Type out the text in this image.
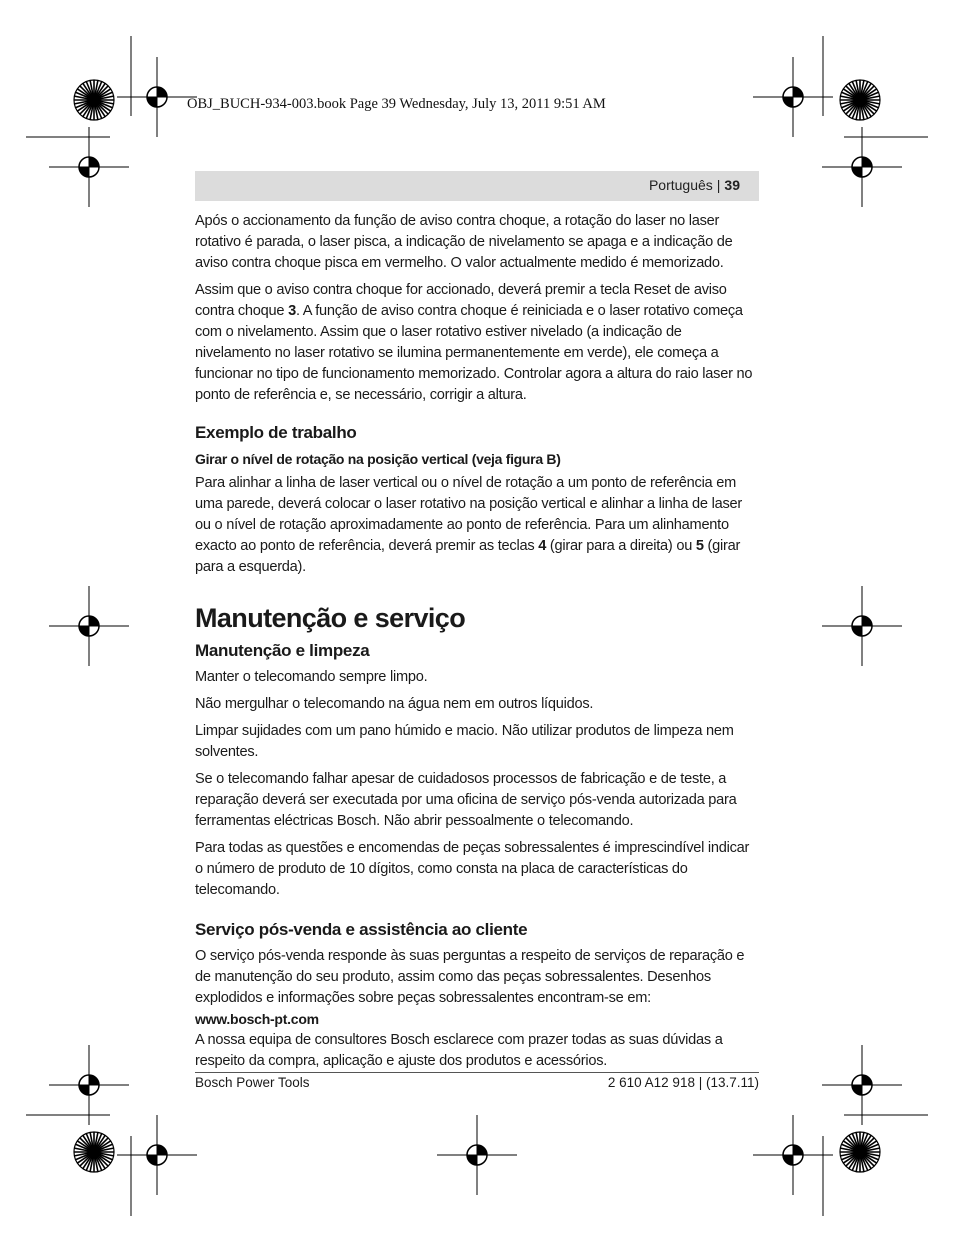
OBJ_BUCH-934-003.book Page 39 Wednesday, July 13, 2011 9:51 AM
Português | 39

Após o accionamento da função de aviso contra choque, a rotação do laser no laser rotativo é parada, o laser pisca, a indicação de nivelamento se apaga e a indicação de aviso contra choque pisca em vermelho. O valor actualmente medido é memorizado.

Assim que o aviso contra choque for accionado, deverá premir a tecla Reset de aviso contra choque 3. A função de aviso contra choque é reiniciada e o laser rotativo começa com o nivelamento. Assim que o laser rotativo estiver nivelado (a indicação de nivelamento no laser rotativo se ilumina permanentemente em verde), ele começa a funcionar no tipo de funcionamento memorizado. Controlar agora a altura do raio laser no ponto de referência e, se necessário, corrigir a altura.

Exemplo de trabalho
Girar o nível de rotação na posição vertical (veja figura B)

Para alinhar a linha de laser vertical ou o nível de rotação a um ponto de referência em uma parede, deverá colocar o laser rotativo na posição vertical e alinhar a linha de laser ou o nível de rotação aproximadamente ao ponto de referência. Para um alinhamento exacto ao ponto de referência, deverá premir as teclas 4 (girar para a direita) ou 5 (girar para a esquerda).

Manutenção e serviço
Manutenção e limpeza

Manter o telecomando sempre limpo.

Não mergulhar o telecomando na água nem em outros líquidos.

Limpar sujidades com um pano húmido e macio. Não utilizar produtos de limpeza nem solventes.

Se o telecomando falhar apesar de cuidadosos processos de fabricação e de teste, a reparação deverá ser executada por uma oficina de serviço pós-venda autorizada para ferramentas eléctricas Bosch. Não abrir pessoalmente o telecomando.

Para todas as questões e encomendas de peças sobressalentes é imprescindível indicar o número de produto de 10 dígitos, como consta na placa de características do telecomando.

Serviço pós-venda e assistência ao cliente

O serviço pós-venda responde às suas perguntas a respeito de serviços de reparação e de manutenção do seu produto, assim como das peças sobressalentes. Desenhos explodidos e informações sobre peças sobressalentes encontram-se em:

www.bosch-pt.com

A nossa equipa de consultores Bosch esclarece com prazer todas as suas dúvidas a respeito da compra, aplicação e ajuste dos produtos e acessórios.

Bosch Power Tools	2 610 A12 918 | (13.7.11)
